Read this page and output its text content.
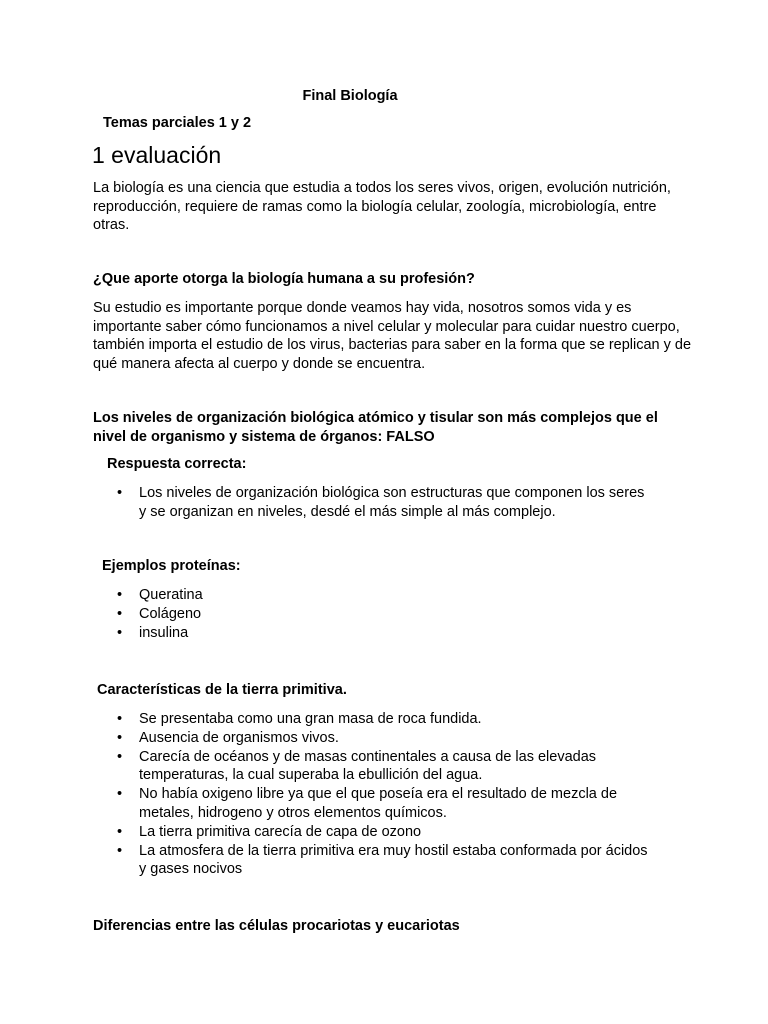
Final Biología

Temas parciales 1 y 2

1 evaluación

La biología es una ciencia que estudia a todos los seres vivos, origen, evolución nutrición, reproducción, requiere de ramas como la biología celular, zoología, microbiología, entre otras.

¿Que aporte otorga la biología humana a su profesión?

Su estudio es importante porque donde veamos hay vida, nosotros somos vida y es importante saber cómo funcionamos a nivel celular y molecular para cuidar nuestro cuerpo, también importa el estudio de los virus, bacterias para saber en la forma que se replican y de qué manera afecta al cuerpo y donde se encuentra.

Los niveles de organización biológica atómico y tisular son más complejos que el nivel de organismo y sistema de órganos: FALSO

Respuesta correcta:

• Los niveles de organización biológica son estructuras que componen los seres y se organizan en niveles, desdé el más simple al más complejo.

Ejemplos proteínas:

• Queratina
• Colágeno
• insulina

Características de la tierra primitiva.

• Se presentaba como una gran masa de roca fundida.
• Ausencia de organismos vivos.
• Carecía de océanos y de masas continentales a causa de las elevadas temperaturas, la cual superaba la ebullición del agua.
• No había oxigeno libre ya que el que poseía era el resultado de mezcla de metales, hidrogeno y otros elementos químicos.
• La tierra primitiva carecía de capa de ozono
• La atmosfera de la tierra primitiva era muy hostil estaba conformada por ácidos y gases nocivos

Diferencias entre las células procariotas y eucariotas
